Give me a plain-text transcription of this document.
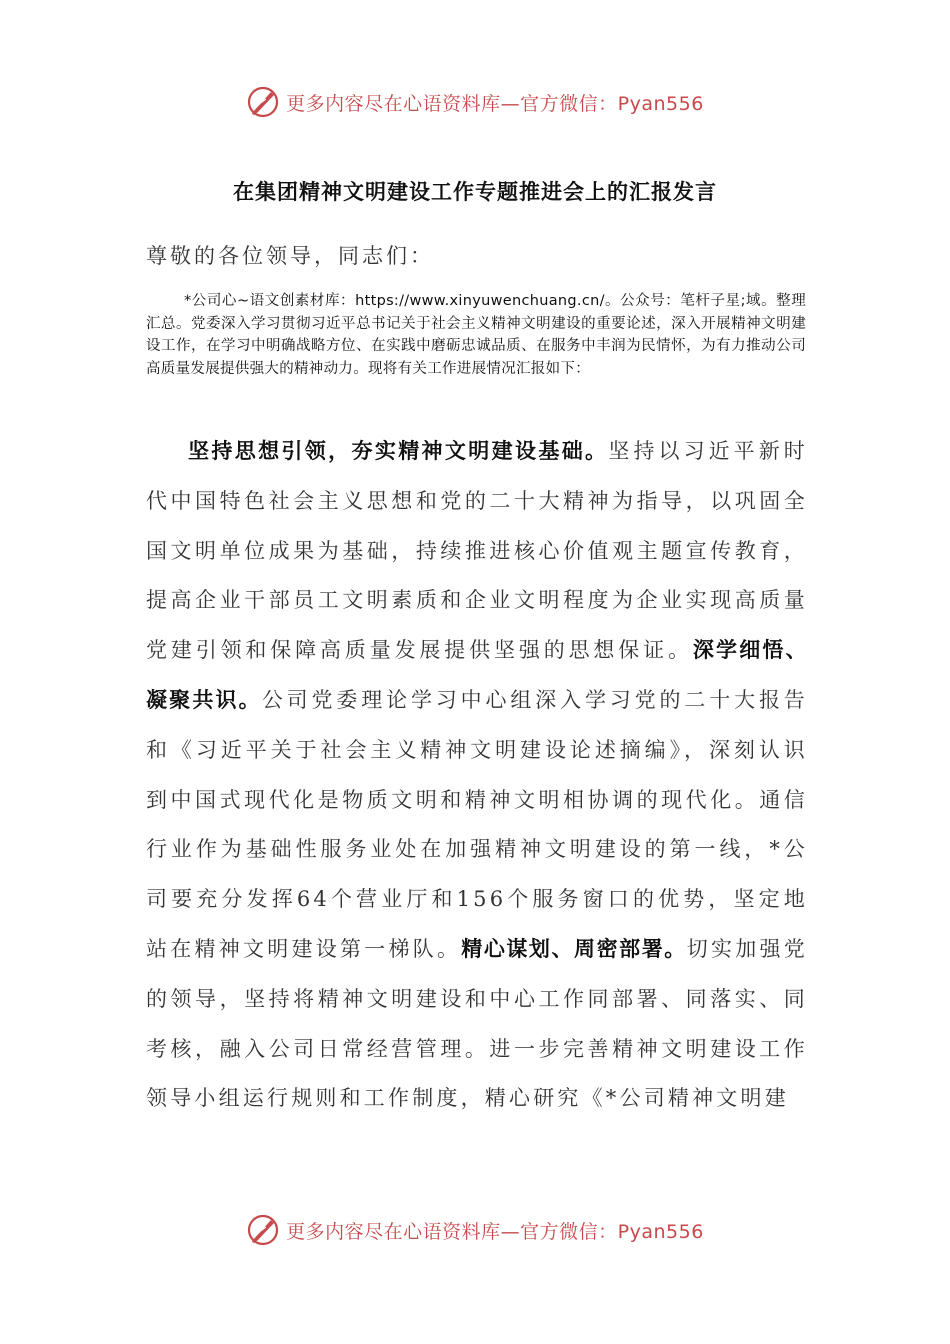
更多内容尽在心语资料库—官方微信：Pyan556
在集团精神文明建设工作专题推进会上的汇报发言
尊敬的各位领导，同志们：
*公司心~语文创素材库：https://www.xinyuwenchuang.cn/。公众号：笔杆子星;域。整理汇总。党委深入学习贯彻习近平总书记关于社会主义精神文明建设的重要论述，深入开展精神文明建设工作，在学习中明确战略方位、在实践中磨砺忠诚品质、在服务中丰润为民情怀，为有力推动公司高质量发展提供强大的精神动力。现将有关工作进展情况汇报如下：
坚持思想引领，夯实精神文明建设基础。坚持以习近平新时代中国特色社会主义思想和党的二十大精神为指导，以巩固全国文明单位成果为基础，持续推进核心价值观主题宣传教育，提高企业干部员工文明素质和企业文明程度为企业实现高质量党建引领和保障高质量发展提供坚强的思想保证。深学细悟、凝聚共识。公司党委理论学习中心组深入学习党的二十大报告和《习近平关于社会主义精神文明建设论述摘编》，深刻认识到中国式现代化是物质文明和精神文明相协调的现代化。通信行业作为基础性服务业处在加强精神文明建设的第一线，*公司要充分发挥64个营业厅和156个服务窗口的优势，坚定地站在精神文明建设第一梯队。精心谋划、周密部署。切实加强党的领导，坚持将精神文明建设和中心工作同部署、同落实、同考核，融入公司日常经营管理。进一步完善精神文明建设工作领导小组运行规则和工作制度，精心研究《*公司精神文明建
更多内容尽在心语资料库—官方微信：Pyan556
